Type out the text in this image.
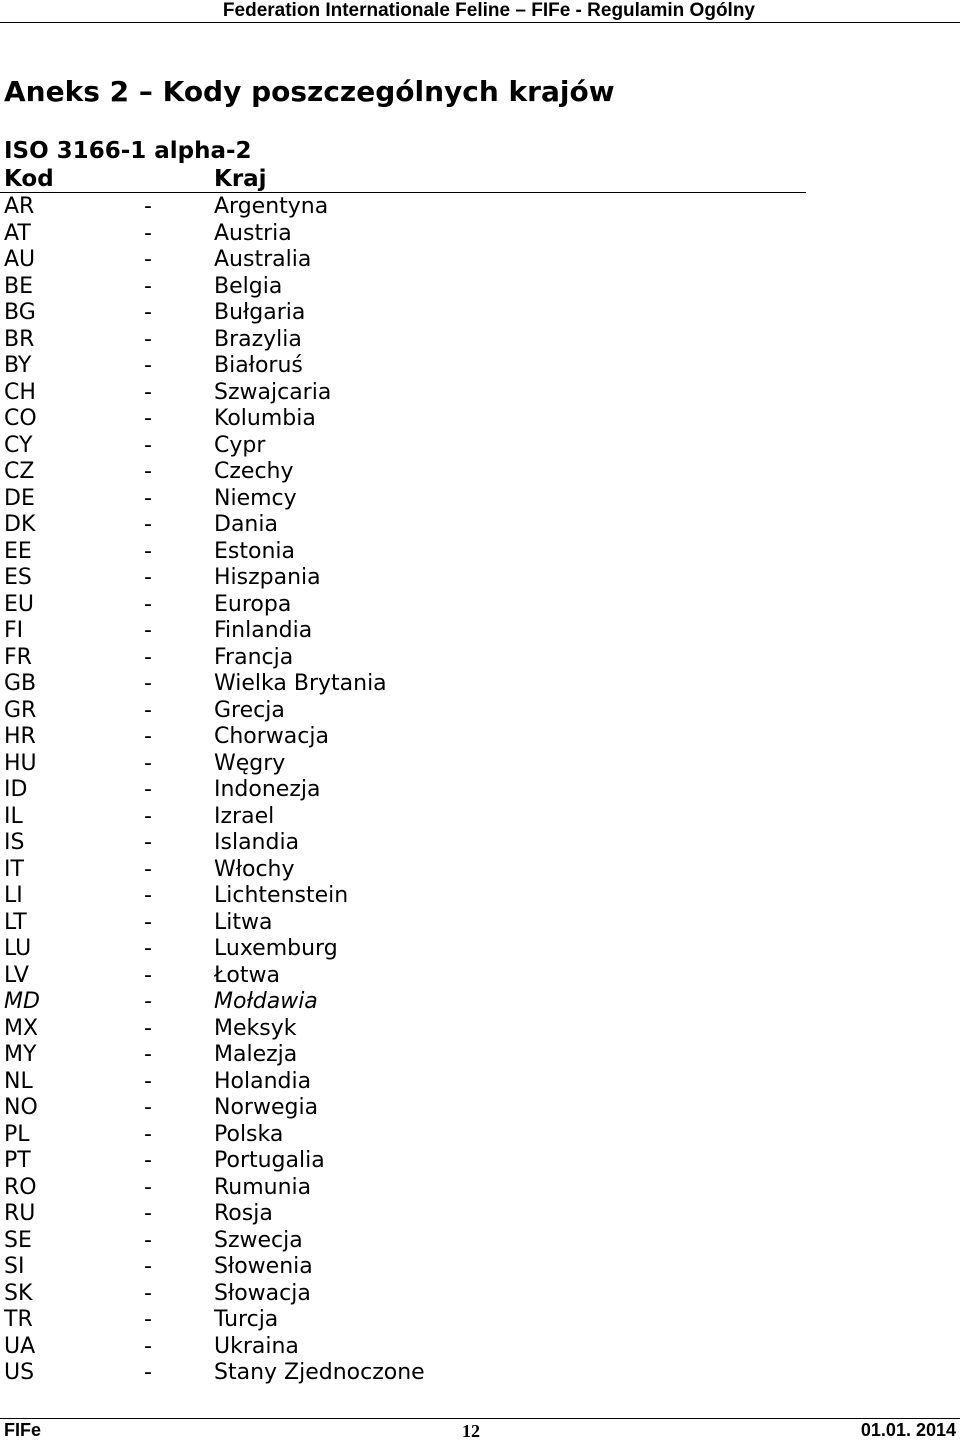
Federation Internationale Feline – FIFe - Regulamin Ogólny
Aneks 2 – Kody poszczególnych krajów
ISO 3166-1 alpha-2
Kod	Kraj
AR	-	Argentyna
AT	-	Austria
AU	-	Australia
BE	-	Belgia
BG	-	Bułgaria
BR	-	Brazylia
BY	-	Białoruś
CH	-	Szwajcaria
CO	-	Kolumbia
CY	-	Cypr
CZ	-	Czechy
DE	-	Niemcy
DK	-	Dania
EE	-	Estonia
ES	-	Hiszpania
EU	-	Europa
FI	-	Finlandia
FR	-	Francja
GB	-	Wielka Brytania
GR	-	Grecja
HR	-	Chorwacja
HU	-	Węgry
ID	-	Indonezja
IL	-	Izrael
IS	-	Islandia
IT	-	Włochy
LI	-	Lichtenstein
LT	-	Litwa
LU	-	Luxemburg
LV	-	Łotwa
MD	-	Mołdawia
MX	-	Meksyk
MY	-	Malezja
NL	-	Holandia
NO	-	Norwegia
PL	-	Polska
PT	-	Portugalia
RO	-	Rumunia
RU	-	Rosja
SE	-	Szwecja
SI	-	Słowenia
SK	-	Słowacja
TR	-	Turcja
UA	-	Ukraina
US	-	Stany Zjednoczone
FIFe	12	01.01. 2014
